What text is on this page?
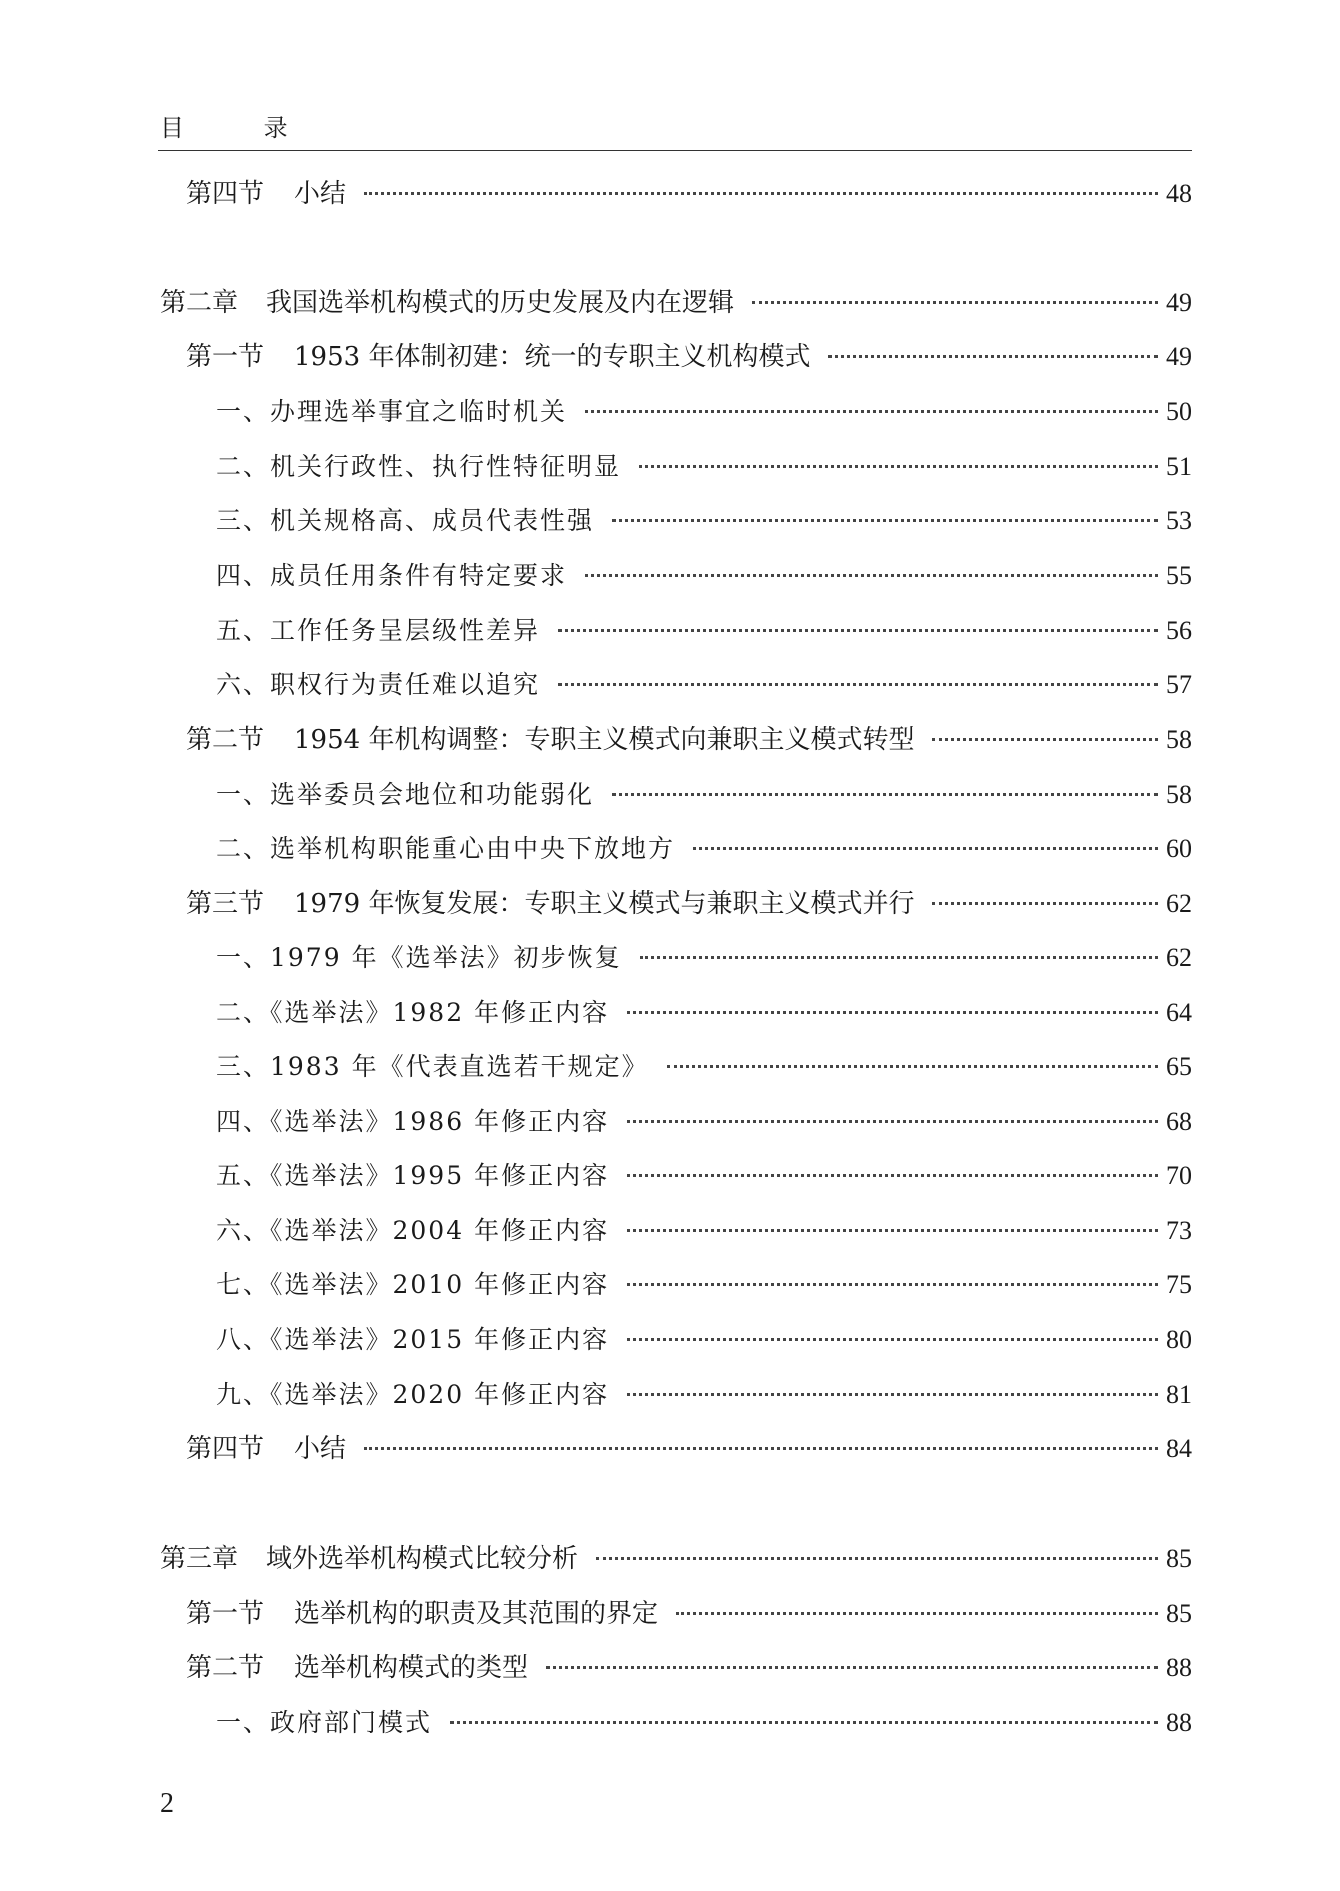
目 录
第四节 小结	48
第二章 我国选举机构模式的历史发展及内在逻辑	49
第一节 1953 年体制初建：统一的专职主义机构模式	49
一、办理选举事宜之临时机关	50
二、机关行政性、执行性特征明显	51
三、机关规格高、成员代表性强	53
四、成员任用条件有特定要求	55
五、工作任务呈层级性差异	56
六、职权行为责任难以追究	57
第二节 1954 年机构调整：专职主义模式向兼职主义模式转型	58
一、选举委员会地位和功能弱化	58
二、选举机构职能重心由中央下放地方	60
第三节 1979 年恢复发展：专职主义模式与兼职主义模式并行	62
一、1979 年《选举法》初步恢复	62
二、《选举法》1982 年修正内容	64
三、1983 年《代表直选若干规定》	65
四、《选举法》1986 年修正内容	68
五、《选举法》1995 年修正内容	70
六、《选举法》2004 年修正内容	73
七、《选举法》2010 年修正内容	75
八、《选举法》2015 年修正内容	80
九、《选举法》2020 年修正内容	81
第四节 小结	84
第三章 域外选举机构模式比较分析	85
第一节 选举机构的职责及其范围的界定	85
第二节 选举机构模式的类型	88
一、政府部门模式	88
2
